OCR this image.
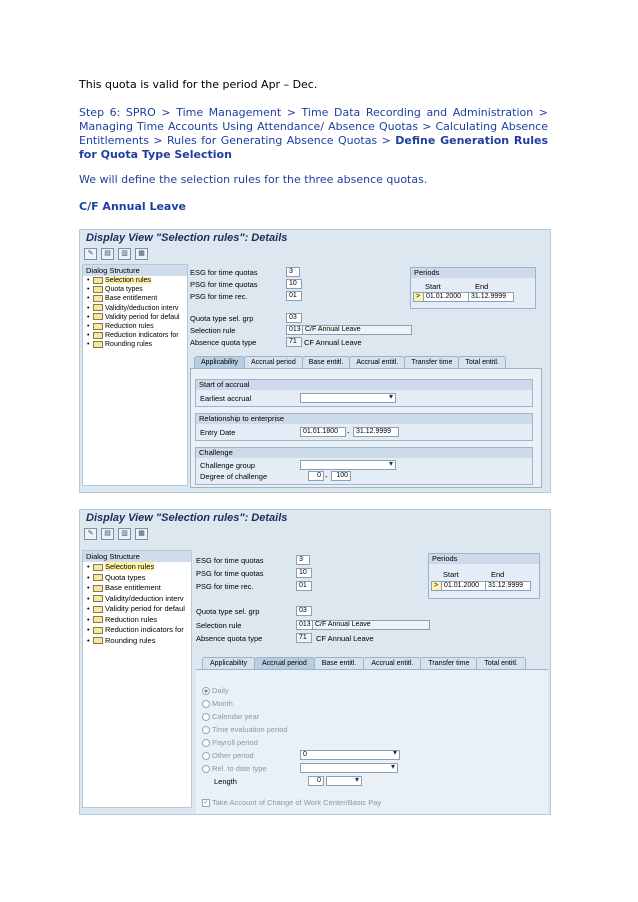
This quota is valid for the period Apr – Dec.
Step 6: SPRO > Time Management > Time Data Recording and Administration > Managing Time Accounts Using Attendance/ Absence Quotas > Calculating Absence Entitlements > Rules for Generating Absence Quotas > Define Generation Rules for Quota Type Selection
We will define the selection rules for the three absence quotas.
C/F Annual Leave
Display View "Selection rules": Details
✎	▤	▥	▦
Dialog Structure
• Selection rules
• Quota types
• Base entitlement
• Validity/deduction interv
• Validity period for defaul
• Reduction rules
• Reduction indicators for
• Rounding rules
ESG for time quotas	3
PSG for time quotas	10
PSG for time rec.	01
Quota type sel. grp	03
Selection rule	013 C/F Annual Leave
Absence quota type	71 CF Annual Leave
Periods
Start	End
> 01.01.2000	31.12.9999
Applicability	Accrual period	Base entitl.	Accrual entitl.	Transfer time	Total entitl.
Start of accrual
Earliest accrual
▾
Relationship to enterprise
Entry Date	01.01.1800	- 31.12.9999
Challenge
Challenge group
▾
Degree of challenge	0 -	100
Display View "Selection rules": Details
✎	▤	▥	▦
Dialog Structure
• Selection rules
• Quota types
• Base entitlement
• Validity/deduction interv
• Validity period for defaul
• Reduction rules
• Reduction indicators for
• Rounding rules
ESG for time quotas	3
PSG for time quotas	10
PSG for time rec.	01
Quota type sel. grp	03
Selection rule	013 C/F Annual Leave
Absence quota type	71	CF Annual Leave
Periods
Start	End
> 01.01.2000	31.12.9999
Applicability	Accrual period	Base entitl.	Accrual entitl.	Transfer time	Total entitl.
Daily
Month
Calendar year
Time evaluation period
Payroll period
Other period	0 ▾
Rel. to date type
▾
Length	0
▾
✓ Take Account of Change of Work Center/Basic Pay
